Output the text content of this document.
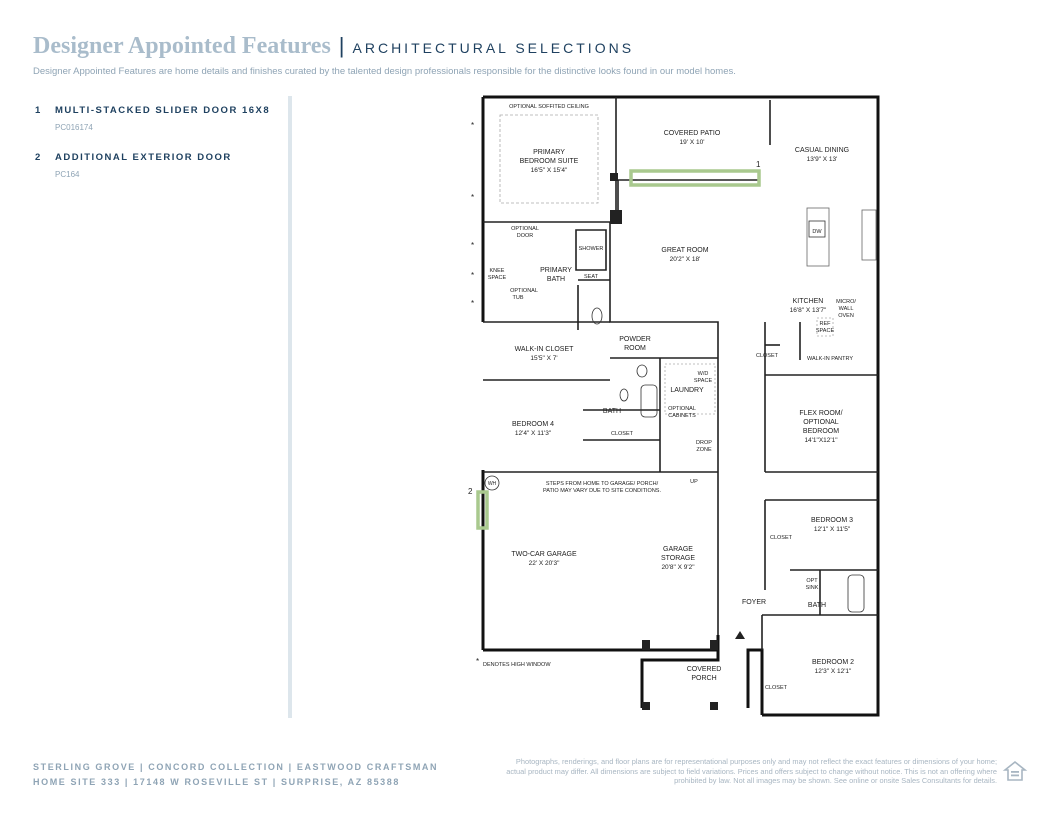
Designer Appointed Features | ARCHITECTURAL SELECTIONS
Designer Appointed Features are home details and finishes curated by the talented design professionals responsible for the distinctive looks found in our model homes.
1 MULTI-STACKED SLIDER DOOR 16X8
PC016174
2 ADDITIONAL EXTERIOR DOOR
PC164
OPTIONAL SOFFITED CEILING
PRIMARY
BEDROOM SUITE
16'5" X 15'4"
COVERED PATIO
19' X 10'
CASUAL DINING
13'9" X 13'
GREAT ROOM
20'2" X 18'
KITCHEN
16'8" X 13'7"
MICRO/
WALL
OVEN
DW
REF
SPACE
OPTIONAL
DOOR
SHOWER
SEAT
KNEE
SPACE
OPTIONAL
TUB
PRIMARY
BATH
WALK-IN CLOSET
15'5" X 7'
POWDER
ROOM
CLOSET	WALK-IN PANTRY
W/D
SPACE
LAUNDRY
OPTIONAL
CABINETS
DROP
ZONE
BATH
CLOSET
BEDROOM 4
12'4" X 11'3"
FLEX ROOM/
OPTIONAL
BEDROOM
14'1"X12'1"
STEPS FROM HOME TO GARAGE/ PORCH/
PATIO MAY VARY DUE TO SITE CONDITIONS.
UP
WH
TWO-CAR GARAGE
22' X 20'3"
GARAGE
STORAGE
20'8" X 9'2"
BEDROOM 3
12'1" X 11'5"
CLOSET
OPT
SINK
FOYER	BATH
COVERED
PORCH
BEDROOM 2
12'3" X 12'1"
CLOSET
*
*
*
*
*
* DENOTES HIGH WINDOW
1
2
STERLING GROVE | CONCORD COLLECTION | EASTWOOD CRAFTSMAN
HOME SITE 333 | 17148 W ROSEVILLE ST | SURPRISE, AZ 85388
Photographs, renderings, and floor plans are for representational purposes only and may not reflect the exact features or dimensions of your home; actual product may differ. All dimensions are subject to field variations. Prices and offers subject to change without notice. This is not an offering where prohibited by law. Not all images may be shown. See online or onsite Sales Consultants for details.
